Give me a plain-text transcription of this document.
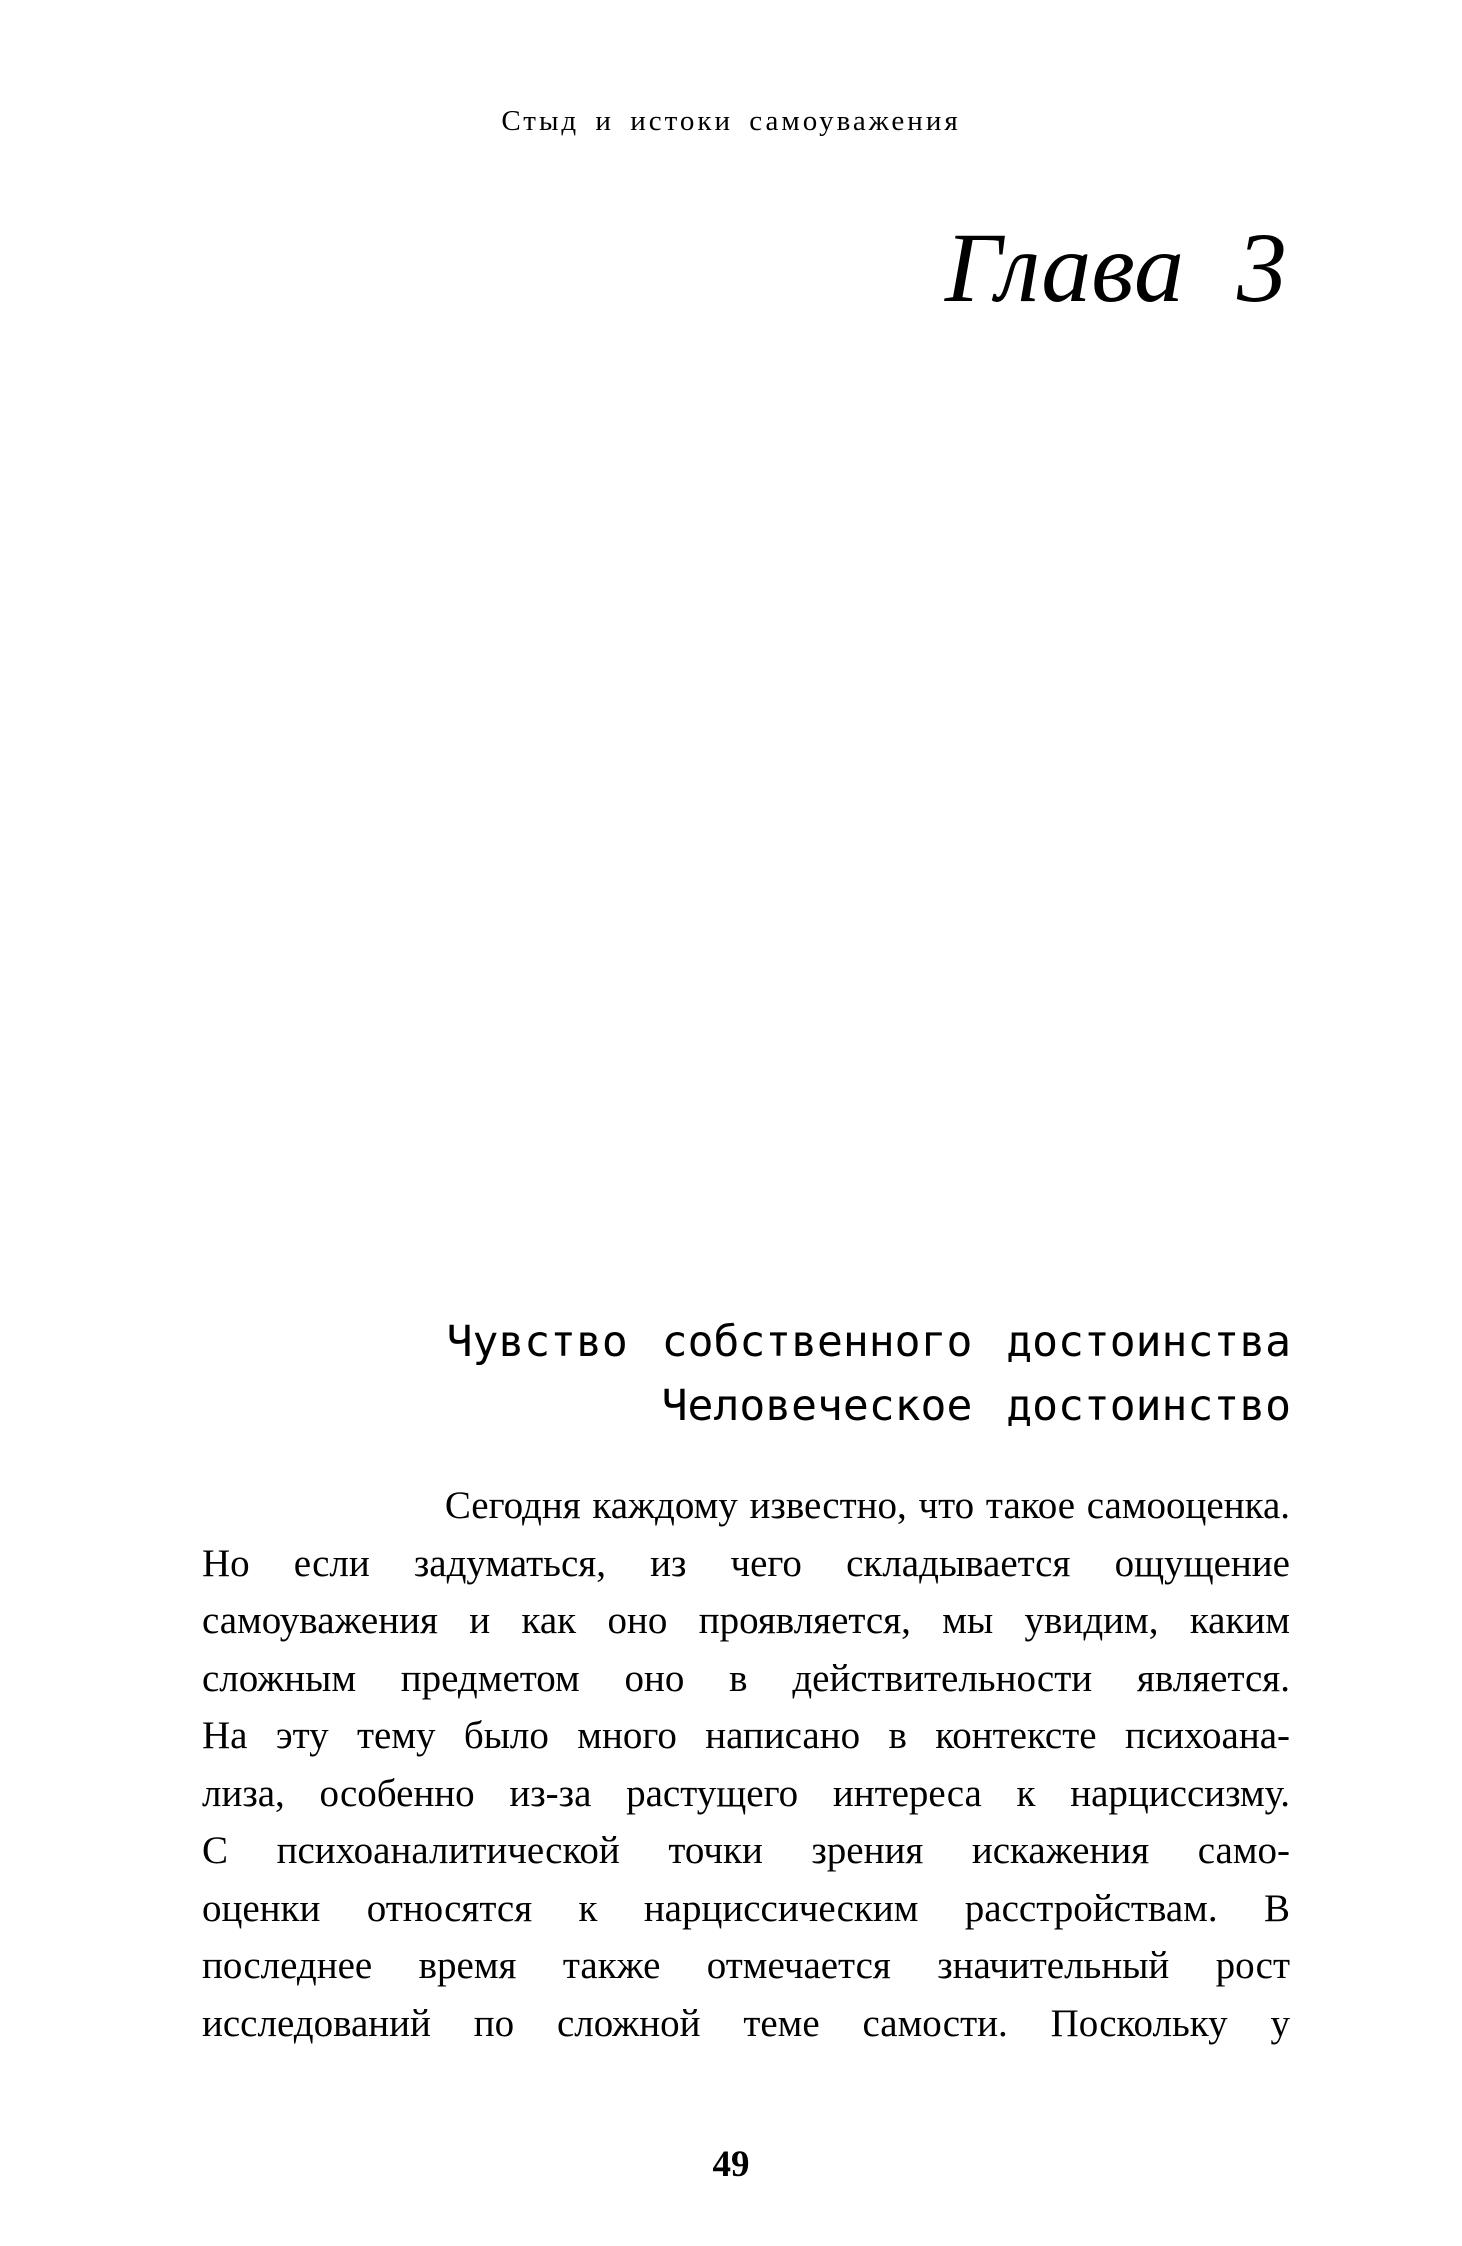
Стыд и истоки самоуважения
Глава 3
Чувство собственного достоинства
Человеческое достоинство
Сегодня каждому известно, что такое самооценка.
Но если задуматься, из чего складывается ощущение
самоуважения и как оно проявляется, мы увидим, каким
сложным предметом оно в действительности является.
На эту тему было много написано в контексте психоана-
лиза, особенно из-за растущего интереса к нарциссизму.
С психоаналитической точки зрения искажения само-
оценки относятся к нарциссическим расстройствам. В
последнее время также отмечается значительный рост
исследований по сложной теме самости. Поскольку у
49
